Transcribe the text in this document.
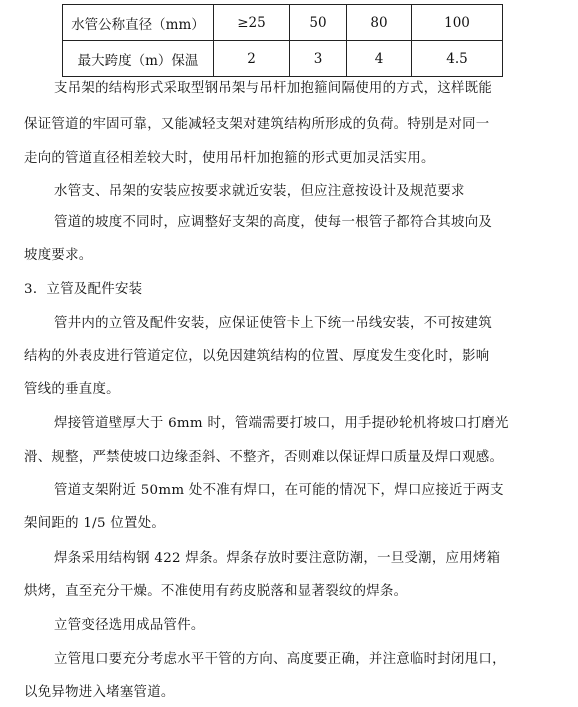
水管公称直径（mm）	≥25	50	80	100
最大跨度（m）保温	2	3	4	4.5
支吊架的结构形式采取型钢吊架与吊杆加抱箍间隔使用的方式，这样既能
保证管道的牢固可靠，又能减轻支架对建筑结构所形成的负荷。特别是对同一
走向的管道直径相差较大时，使用吊杆加抱箍的形式更加灵活实用。
水管支、吊架的安装应按要求就近安装，但应注意按设计及规范要求
管道的坡度不同时，应调整好支架的高度，使每一根管子都符合其坡向及
坡度要求。
3．立管及配件安装
管井内的立管及配件安装，应保证使管卡上下统一吊线安装，不可按建筑
结构的外表皮进行管道定位，以免因建筑结构的位置、厚度发生变化时，影响
管线的垂直度。
焊接管道壁厚大于 6mm 时，管端需要打坡口，用手提砂轮机将坡口打磨光
滑、规整，严禁使坡口边缘歪斜、不整齐，否则难以保证焊口质量及焊口观感。
管道支架附近 50mm 处不准有焊口，在可能的情况下，焊口应接近于两支
架间距的 1/5 位置处。
焊条采用结构钢 422 焊条。焊条存放时要注意防潮，一旦受潮，应用烤箱
烘烤，直至充分干燥。不准使用有药皮脱落和显著裂纹的焊条。
立管变径选用成品管件。
立管甩口要充分考虑水平干管的方向、高度要正确，并注意临时封闭甩口，
以免异物进入堵塞管道。
